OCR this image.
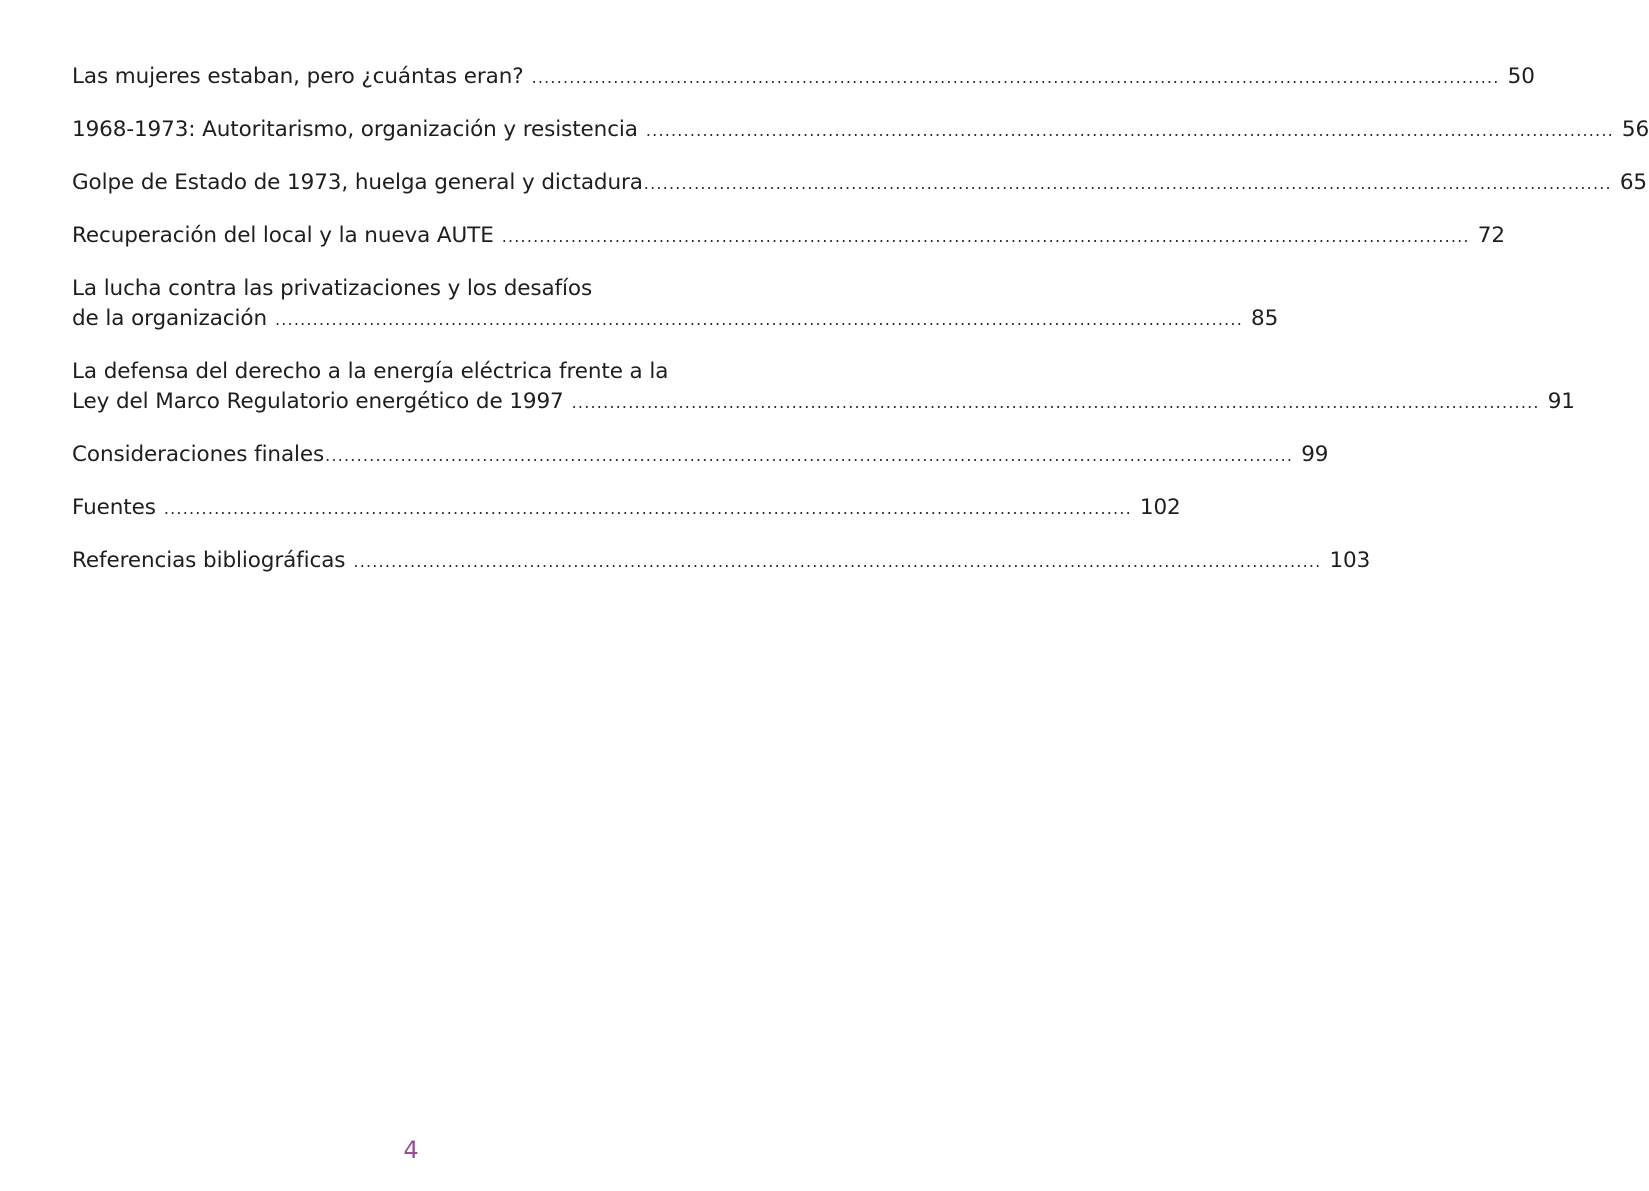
Las mujeres estaban, pero ¿cuántas eran? .......................................................................................................................................................... 50
1968-1973: Autoritarismo, organización y resistencia .......................................................................................................................................................... 56
Golpe de Estado de 1973, huelga general y dictadura .......................................................................................................................................................... 65
Recuperación del local y la nueva AUTE .......................................................................................................................................................... 72
La lucha contra las privatizaciones y los desafíos
de la organización .......................................................................................................................................................... 85
La defensa del derecho a la energía eléctrica frente a la
Ley del Marco Regulatorio energético de 1997 .......................................................................................................................................................... 91
Consideraciones finales .......................................................................................................................................................... 99
Fuentes .......................................................................................................................................................... 102
Referencias bibliográficas .......................................................................................................................................................... 103
4
